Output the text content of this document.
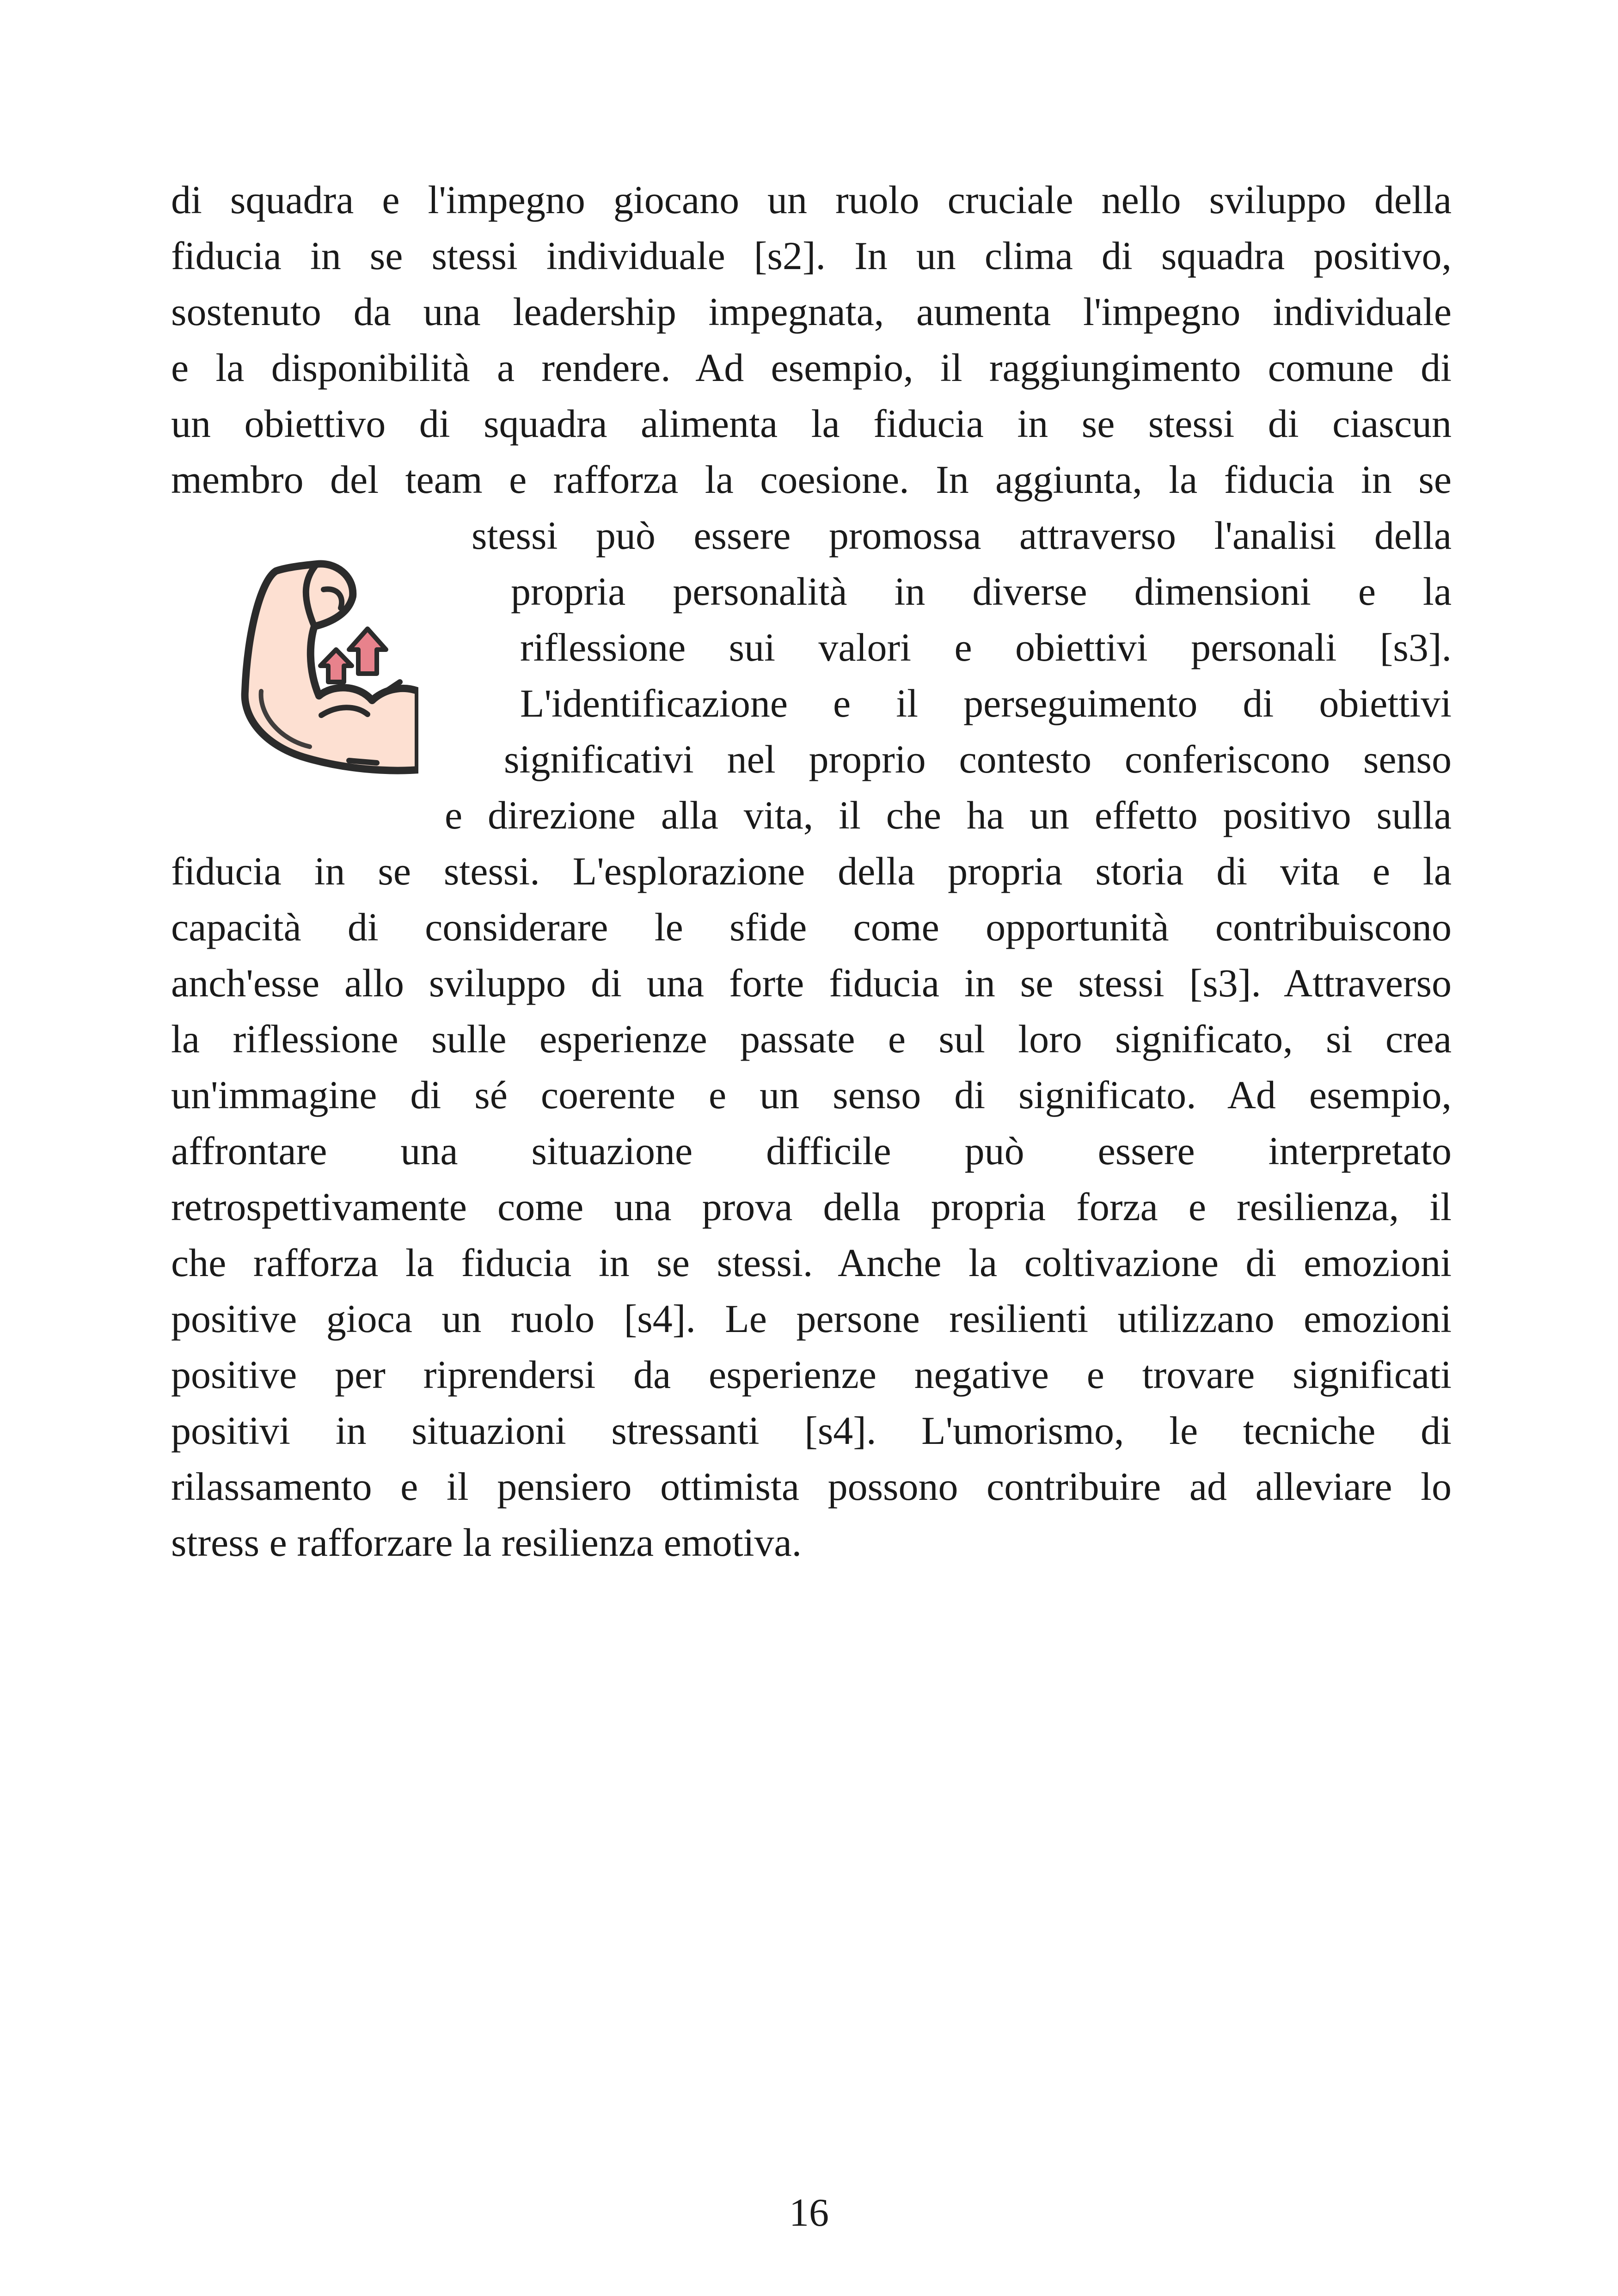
di squadra e l'impegno giocano un ruolo cruciale nello sviluppo della
fiducia in se stessi individuale [s2]. In un clima di squadra positivo,
sostenuto da una leadership impegnata, aumenta l'impegno individuale
e la disponibilità a rendere. Ad esempio, il raggiungimento comune di
un obiettivo di squadra alimenta la fiducia in se stessi di ciascun
membro del team e rafforza la coesione. In aggiunta, la fiducia in se
stessi può essere promossa attraverso l'analisi della
propria personalità in diverse dimensioni e la
riflessione sui valori e obiettivi personali [s3].
L'identificazione e il perseguimento di obiettivi
significativi nel proprio contesto conferiscono senso
e direzione alla vita, il che ha un effetto positivo sulla
fiducia in se stessi. L'esplorazione della propria storia di vita e la
capacità di considerare le sfide come opportunità contribuiscono
anch'esse allo sviluppo di una forte fiducia in se stessi [s3]. Attraverso
la riflessione sulle esperienze passate e sul loro significato, si crea
un'immagine di sé coerente e un senso di significato. Ad esempio,
affrontare una situazione difficile può essere interpretato
retrospettivamente come una prova della propria forza e resilienza, il
che rafforza la fiducia in se stessi. Anche la coltivazione di emozioni
positive gioca un ruolo [s4]. Le persone resilienti utilizzano emozioni
positive per riprendersi da esperienze negative e trovare significati
positivi in situazioni stressanti [s4]. L'umorismo, le tecniche di
rilassamento e il pensiero ottimista possono contribuire ad alleviare lo
stress e rafforzare la resilienza emotiva.
16
